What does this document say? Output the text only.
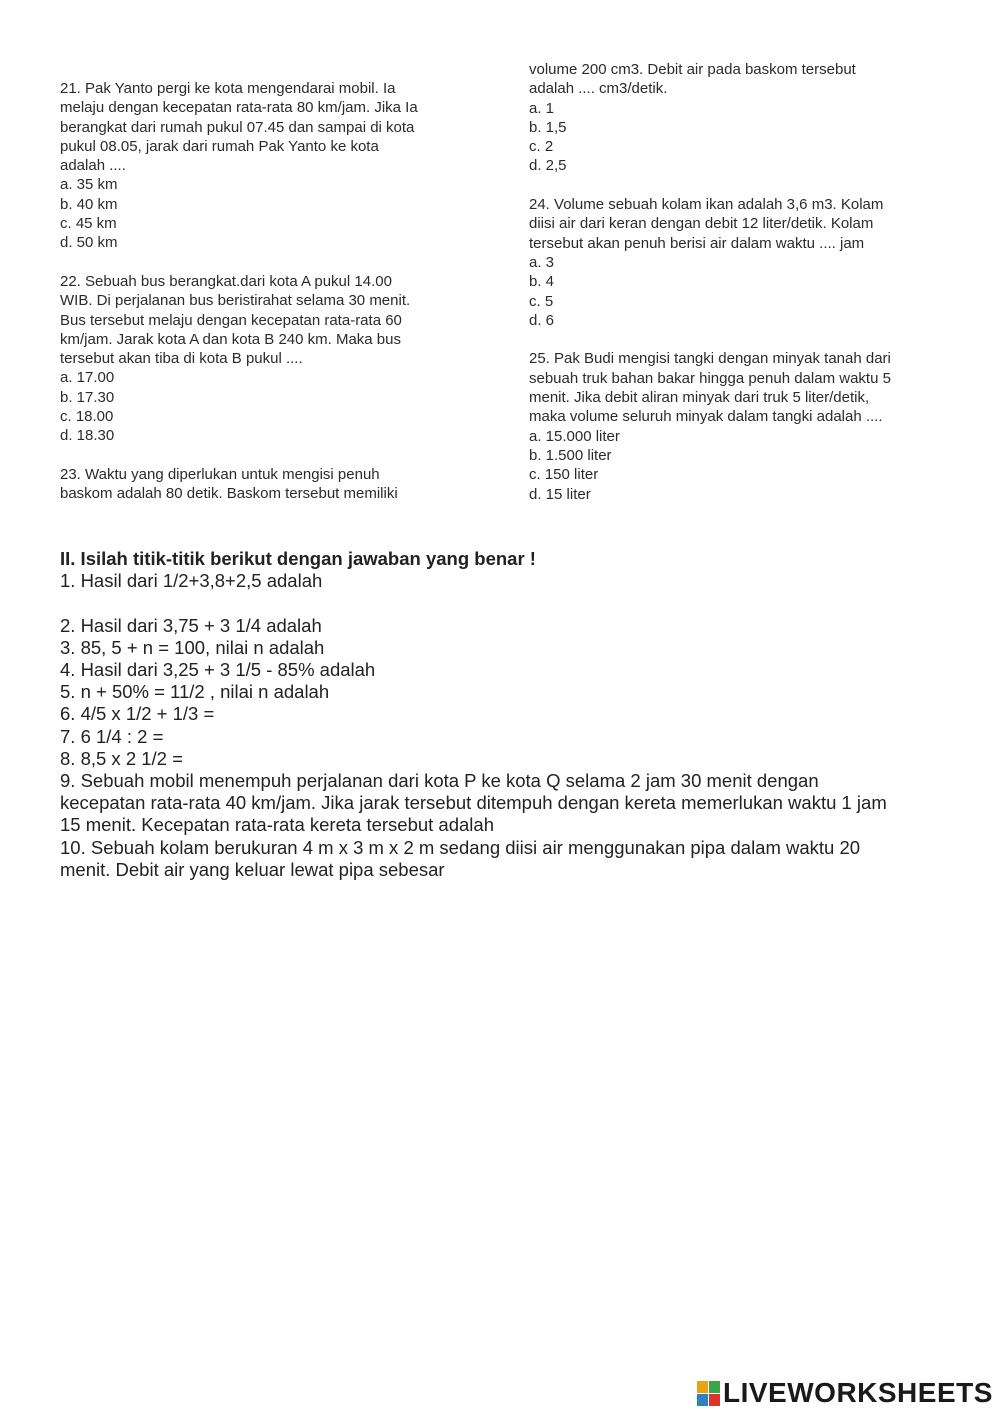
21. Pak Yanto pergi ke kota mengendarai mobil. Ia
melaju dengan kecepatan rata-rata 80 km/jam. Jika Ia
berangkat dari rumah pukul 07.45 dan sampai di kota
pukul 08.05, jarak dari rumah Pak Yanto ke kota
adalah ....
a. 35 km
b. 40 km
c. 45 km
d. 50 km
22. Sebuah bus berangkat.dari kota A pukul 14.00
WIB. Di perjalanan bus beristirahat selama 30 menit.
Bus tersebut melaju dengan kecepatan rata-rata 60
km/jam. Jarak kota A dan kota B 240 km. Maka bus
tersebut akan tiba di kota B pukul ....
a. 17.00
b. 17.30
c. 18.00
d. 18.30
23. Waktu yang diperlukan untuk mengisi penuh
baskom adalah 80 detik. Baskom tersebut memiliki
volume 200 cm3. Debit air pada baskom tersebut
adalah .... cm3/detik.
a. 1
b. 1,5
c. 2
d. 2,5
24. Volume sebuah kolam ikan adalah 3,6 m3. Kolam
diisi air dari keran dengan debit 12 liter/detik. Kolam
tersebut akan penuh berisi air dalam waktu .... jam
a. 3
b. 4
c. 5
d. 6
25. Pak Budi mengisi tangki dengan minyak tanah dari
sebuah truk bahan bakar hingga penuh dalam waktu 5
menit. Jika debit aliran minyak dari truk 5 liter/detik,
maka volume seluruh minyak dalam tangki adalah ....
a. 15.000 liter
b. 1.500 liter
c. 150 liter
d. 15 liter
II. Isilah titik-titik berikut dengan jawaban yang benar !
1. Hasil dari 1/2+3,8+2,5 adalah
2. Hasil dari 3,75 + 3 1/4 adalah
3. 85, 5 + n = 100, nilai n adalah
4. Hasil dari 3,25 + 3 1/5 - 85% adalah
5. n + 50% = 11/2 , nilai n adalah
6. 4/5 x 1/2 + 1/3 =
7. 6 1/4 : 2 =
8. 8,5 x 2 1/2 =
9. Sebuah mobil menempuh perjalanan dari kota P ke kota Q selama 2 jam 30 menit dengan
kecepatan rata-rata 40 km/jam. Jika jarak tersebut ditempuh dengan kereta memerlukan waktu 1 jam
15 menit. Kecepatan rata-rata kereta tersebut adalah
10. Sebuah kolam berukuran 4 m x 3 m x 2 m sedang diisi air menggunakan pipa dalam waktu 20
menit. Debit air yang keluar lewat pipa sebesar
LIVEWORKSHEETS
